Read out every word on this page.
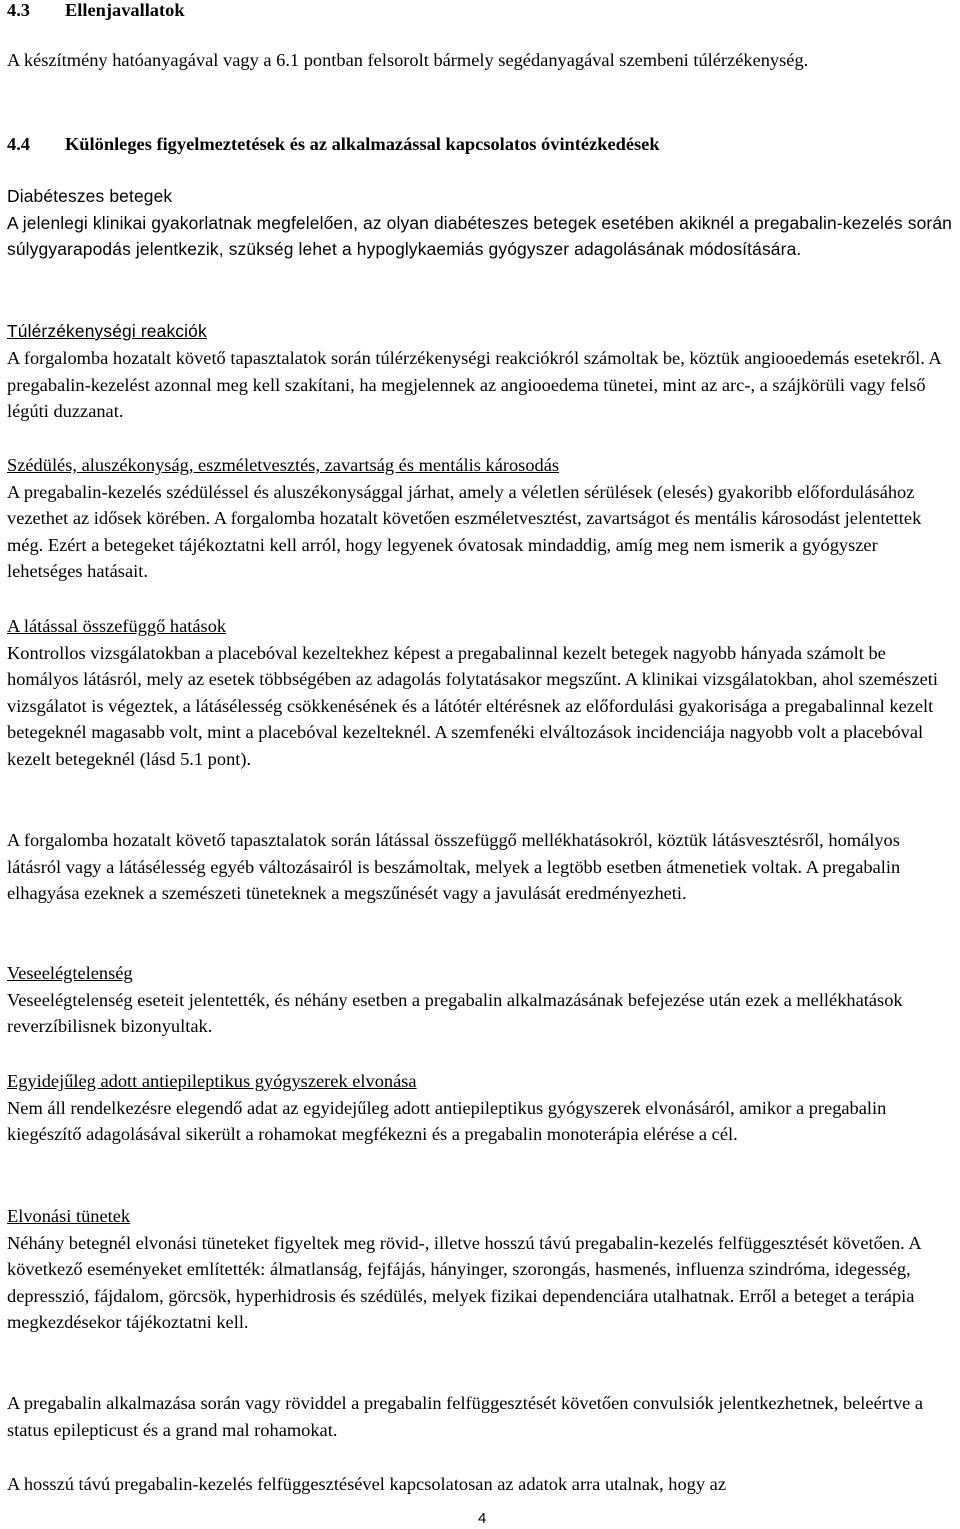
4.3 Ellenjavallatok

A készítmény hatóanyagával vagy a 6.1 pontban felsorolt bármely segédanyagával szembeni túlérzékenység.

4.4 Különleges figyelmeztetések és az alkalmazással kapcsolatos óvintézkedések
Diabéteszes betegek

A jelenlegi klinikai gyakorlatnak megfelelően, az olyan diabéteszes betegek esetében akiknél a pregabalin-kezelés során súlygyarapodás jelentkezik, szükség lehet a hypoglykaemiás gyógyszer adagolásának módosítására.

Túlérzékenységi reakciók

A forgalomba hozatalt követő tapasztalatok során túlérzékenységi reakciókról számoltak be, köztük angiooedemás esetekről. A pregabalin-kezelést azonnal meg kell szakítani, ha megjelennek az angiooedema tünetei, mint az arc-, a szájkörüli vagy felső légúti duzzanat.

Szédülés, aluszékonyság, eszméletvesztés, zavartság és mentális károsodás

A pregabalin-kezelés szédüléssel és aluszékonysággal járhat, amely a véletlen sérülések (elesés) gyakoribb előfordulásához vezethet az idősek körében. A forgalomba hozatalt követően eszméletvesztést, zavartságot és mentális károsodást jelentettek még. Ezért a betegeket tájékoztatni kell arról, hogy legyenek óvatosak mindaddig, amíg meg nem ismerik a gyógyszer lehetséges hatásait.

A látással összefüggő hatások

Kontrollos vizsgálatokban a placebóval kezeltekhez képest a pregabalinnal kezelt betegek nagyobb hányada számolt be homályos látásról, mely az esetek többségében az adagolás folytatásakor megszűnt. A klinikai vizsgálatokban, ahol szemészeti vizsgálatot is végeztek, a látásélesség csökkenésének és a látótér eltérésnek az előfordulási gyakorisága a pregabalinnal kezelt betegeknél magasabb volt, mint a placebóval kezelteknél. A szemfenéki elváltozások incidenciája nagyobb volt a placebóval kezelt betegeknél (lásd 5.1 pont).

A forgalomba hozatalt követő tapasztalatok során látással összefüggő mellékhatásokról, köztük látásvesztésről, homályos látásról vagy a látásélesség egyéb változásairól is beszámoltak, melyek a legtöbb esetben átmenetiek voltak. A pregabalin elhagyása ezeknek a szemészeti tüneteknek a megszűnését vagy a javulását eredményezheti.

Veseelégtelenség

Veseelégtelenség eseteit jelentették, és néhány esetben a pregabalin alkalmazásának befejezése után ezek a mellékhatások reverzíbilisnek bizonyultak.

Egyidejűleg adott antiepileptikus gyógyszerek elvonása

Nem áll rendelkezésre elegendő adat az egyidejűleg adott antiepileptikus gyógyszerek elvonásáról, amikor a pregabalin kiegészítő adagolásával sikerült a rohamokat megfékezni és a pregabalin monoterápia elérése a cél.

Elvonási tünetek

Néhány betegnél elvonási tüneteket figyeltek meg rövid-, illetve hosszú távú pregabalin-kezelés felfüggesztését követően. A következő eseményeket említették: álmatlanság, fejfájás, hányinger, szorongás, hasmenés, influenza szindróma, idegesség, depresszió, fájdalom, görcsök, hyperhidrosis és szédülés, melyek fizikai dependenciára utalhatnak. Erről a beteget a terápia megkezdésekor tájékoztatni kell.

A pregabalin alkalmazása során vagy röviddel a pregabalin felfüggesztését követően convulsiók jelentkezhetnek, beleértve a status epilepticust és a grand mal rohamokat.

A hosszú távú pregabalin-kezelés felfüggesztésével kapcsolatosan az adatok arra utalnak, hogy az

4
